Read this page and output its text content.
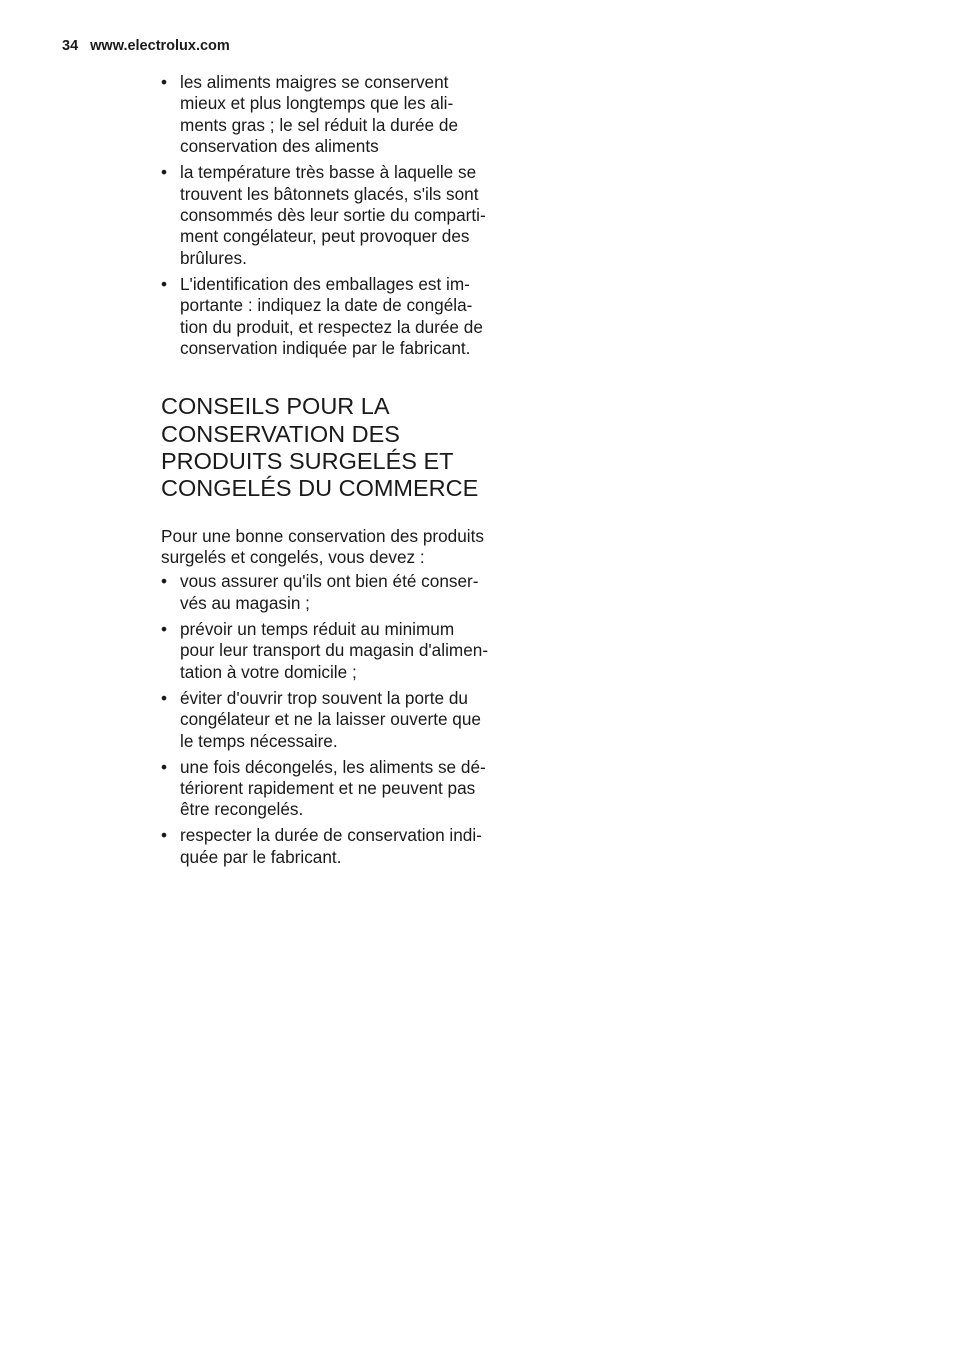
34 www.electrolux.com
• les aliments maigres se conservent
mieux et plus longtemps que les ali-
ments gras ; le sel réduit la durée de
conservation des aliments
• la température très basse à laquelle se
trouvent les bâtonnets glacés, s'ils sont
consommés dès leur sortie du comparti-
ment congélateur, peut provoquer des
brûlures.
• L'identification des emballages est im-
portante : indiquez la date de congéla-
tion du produit, et respectez la durée de
conservation indiquée par le fabricant.
CONSEILS POUR LA
CONSERVATION DES
PRODUITS SURGELÉS ET
CONGELÉS DU COMMERCE

Pour une bonne conservation des produits
surgelés et congelés, vous devez :

• vous assurer qu'ils ont bien été conser-
vés au magasin ;
• prévoir un temps réduit au minimum
pour leur transport du magasin d'alimen-
tation à votre domicile ;
• éviter d'ouvrir trop souvent la porte du
congélateur et ne la laisser ouverte que
le temps nécessaire.
• une fois décongelés, les aliments se dé-
tériorent rapidement et ne peuvent pas
être recongelés.
• respecter la durée de conservation indi-
quée par le fabricant.
